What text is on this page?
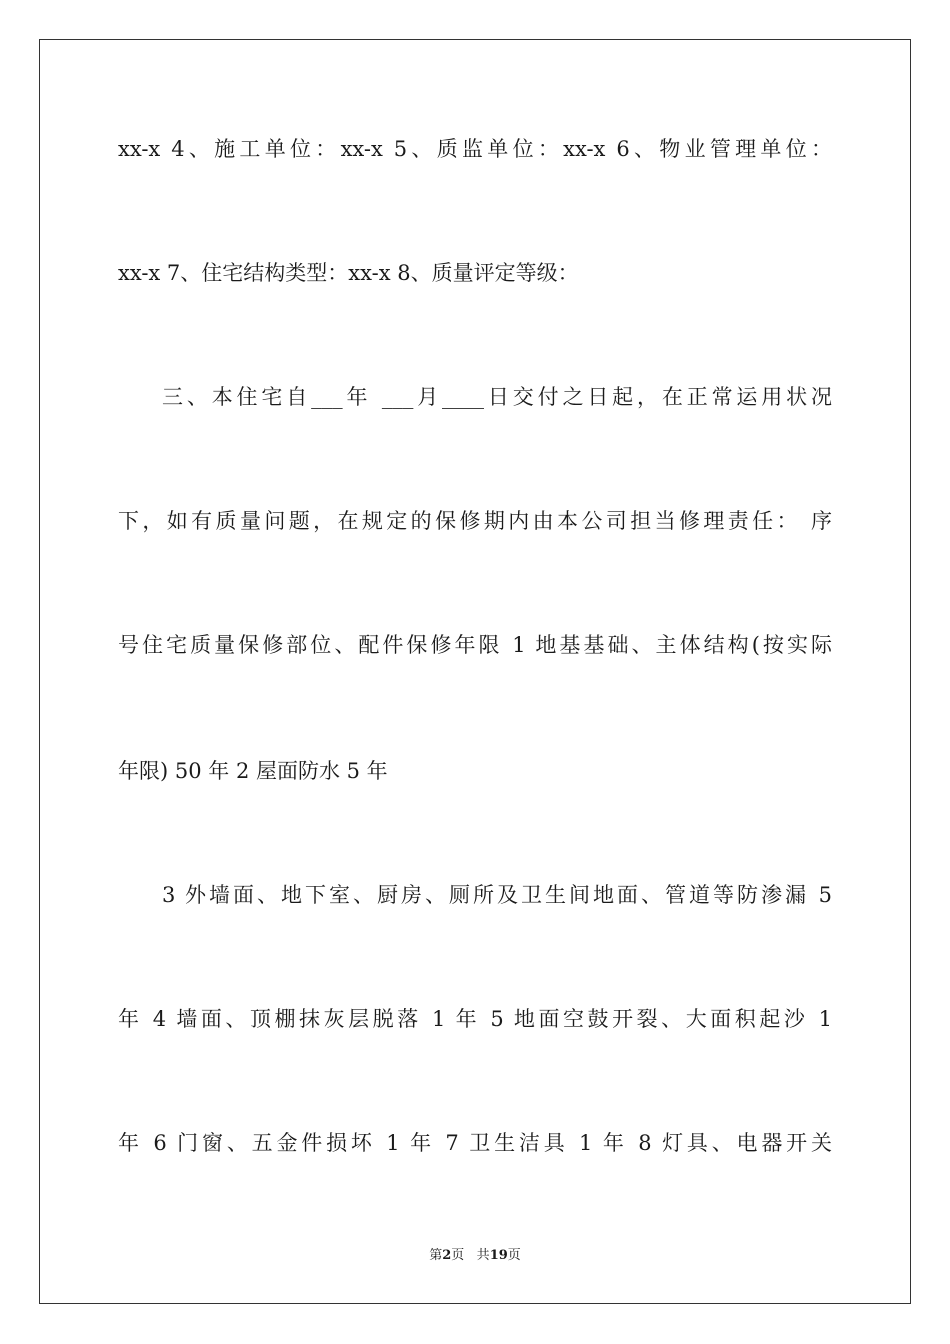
xx-x 4、施工单位：xx-x 5、质监单位：xx-x 6、物业管理单位：

xx-x 7、住宅结构类型：xx-x 8、质量评定等级：

三、本住宅自___年 ___月____日交付之日起，在正常运用状况

下，如有质量问题，在规定的保修期内由本公司担当修理责任： 序

号住宅质量保修部位、配件保修年限 1 地基基础、主体结构(按实际

年限) 50 年 2 屋面防水 5 年

3 外墙面、地下室、厨房、厕所及卫生间地面、管道等防渗漏 5

年 4 墙面、顶棚抹灰层脱落 1 年 5 地面空鼓开裂、大面积起沙 1

年 6 门窗、五金件损坏 1 年 7 卫生洁具 1 年 8 灯具、电器开关

第2页 共19页
